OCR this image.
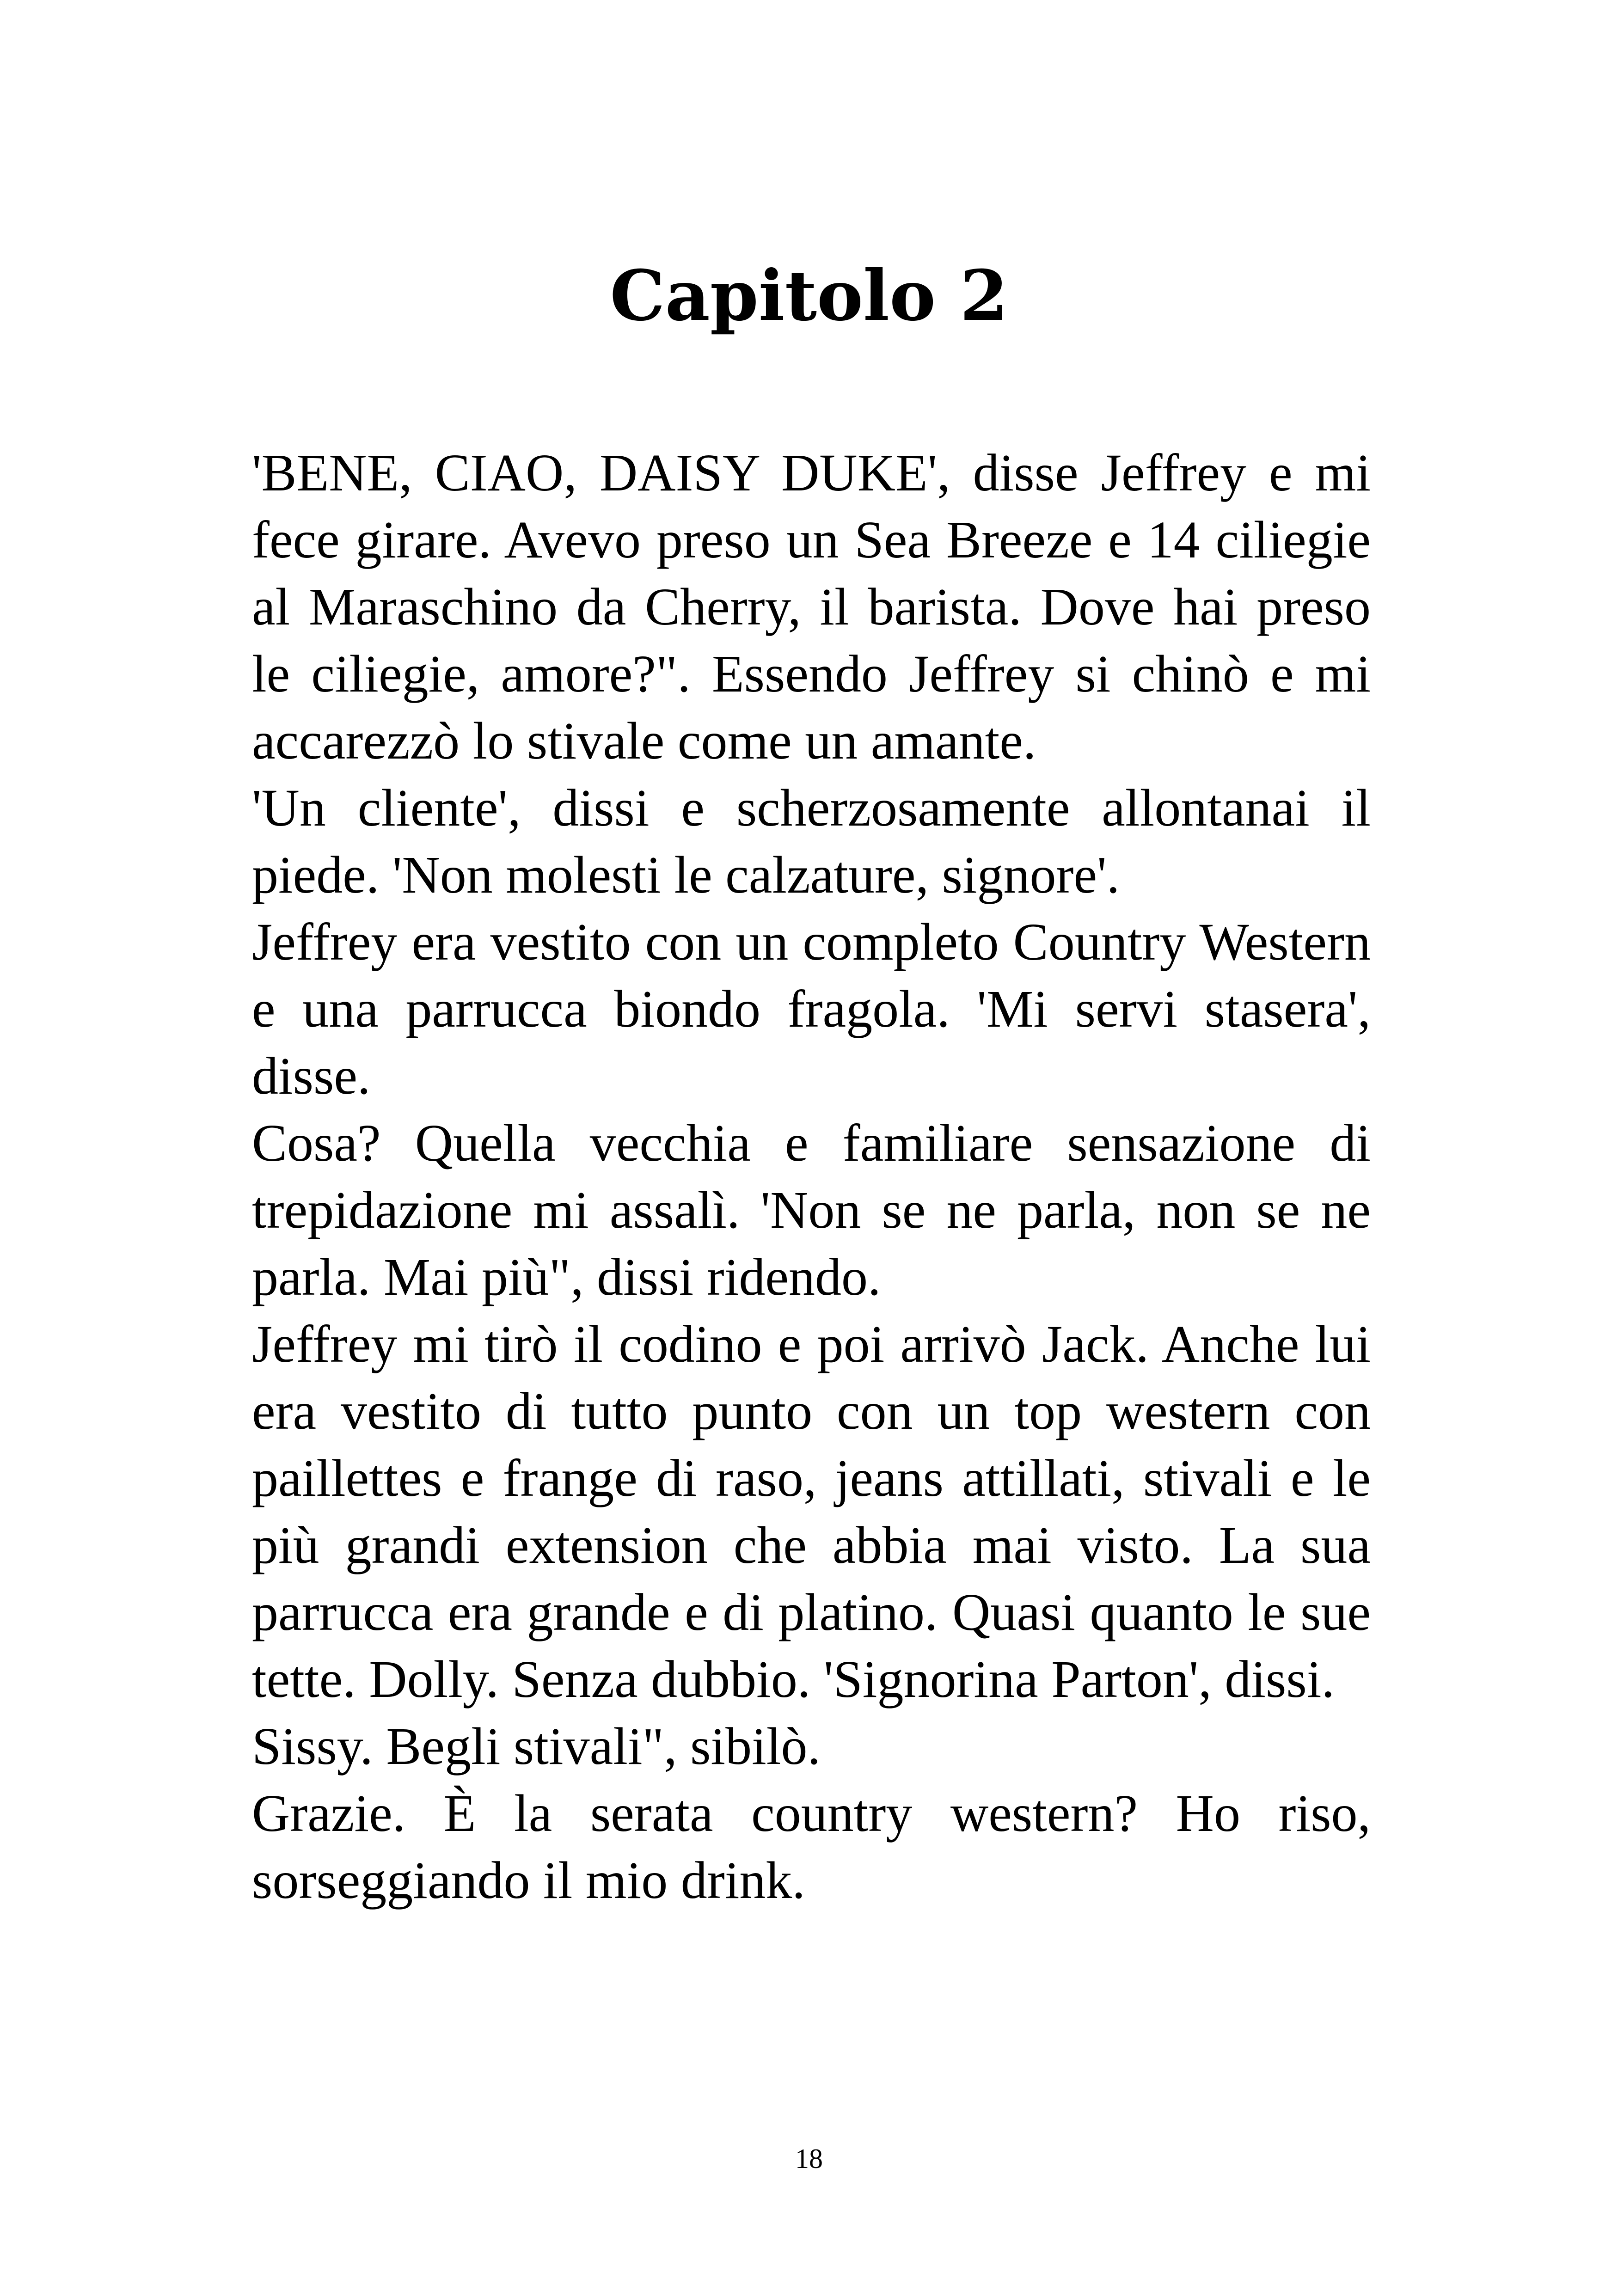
Capitolo 2

'BENE, CIAO, DAISY DUKE', disse Jeffrey e mi fece girare. Avevo preso un Sea Breeze e 14 ciliegie al Maraschino da Cherry, il barista. Dove hai preso le ciliegie, amore?". Essendo Jeffrey si chinò e mi accarezzò lo stivale come un amante.

'Un cliente', dissi e scherzosamente allontanai il piede. 'Non molesti le calzature, signore'.

Jeffrey era vestito con un completo Country Western e una parrucca biondo fragola. 'Mi servi stasera', disse.

Cosa? Quella vecchia e familiare sensazione di trepidazione mi assalì. 'Non se ne parla, non se ne parla. Mai più", dissi ridendo.

Jeffrey mi tirò il codino e poi arrivò Jack. Anche lui era vestito di tutto punto con un top western con paillettes e frange di raso, jeans attillati, stivali e le più grandi extension che abbia mai visto. La sua parrucca era grande e di platino. Quasi quanto le sue tette. Dolly. Senza dubbio. 'Signorina Parton', dissi.

Sissy. Begli stivali", sibilò.

Grazie. È la serata country western? Ho riso, sorseggiando il mio drink.

18
